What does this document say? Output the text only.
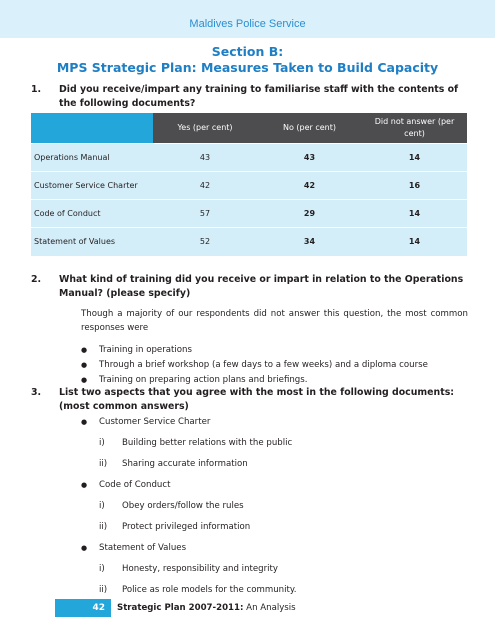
Maldives Police Service
Section B:
MPS Strategic Plan: Measures Taken to Build Capacity
1.	Did you receive/impart any training to familiarise staff with the contents of the following documents?
	Yes (per cent)	No (per cent)	Did not answer (per cent)
Operations Manual	43	43	14
Customer Service Charter	42	42	16
Code of Conduct	57	29	14
Statement of Values	52	34	14
2.	What kind of training did you receive or impart in relation to the Operations Manual? (please specify)
Though a majority of our respondents did not answer this question, the most common responses were
● Training in operations
● Through a brief workshop (a few days to a few weeks) and a diploma course
● Training on preparing action plans and briefings.
3.	List two aspects that you agree with the most in the following documents: (most common answers)
● Customer Service Charter
i) Building better relations with the public
ii) Sharing accurate information
● Code of Conduct
i) Obey orders/follow the rules
ii) Protect privileged information
● Statement of Values
i) Honesty, responsibility and integrity
ii) Police as role models for the community.
42	Strategic Plan 2007-2011: An Analysis
